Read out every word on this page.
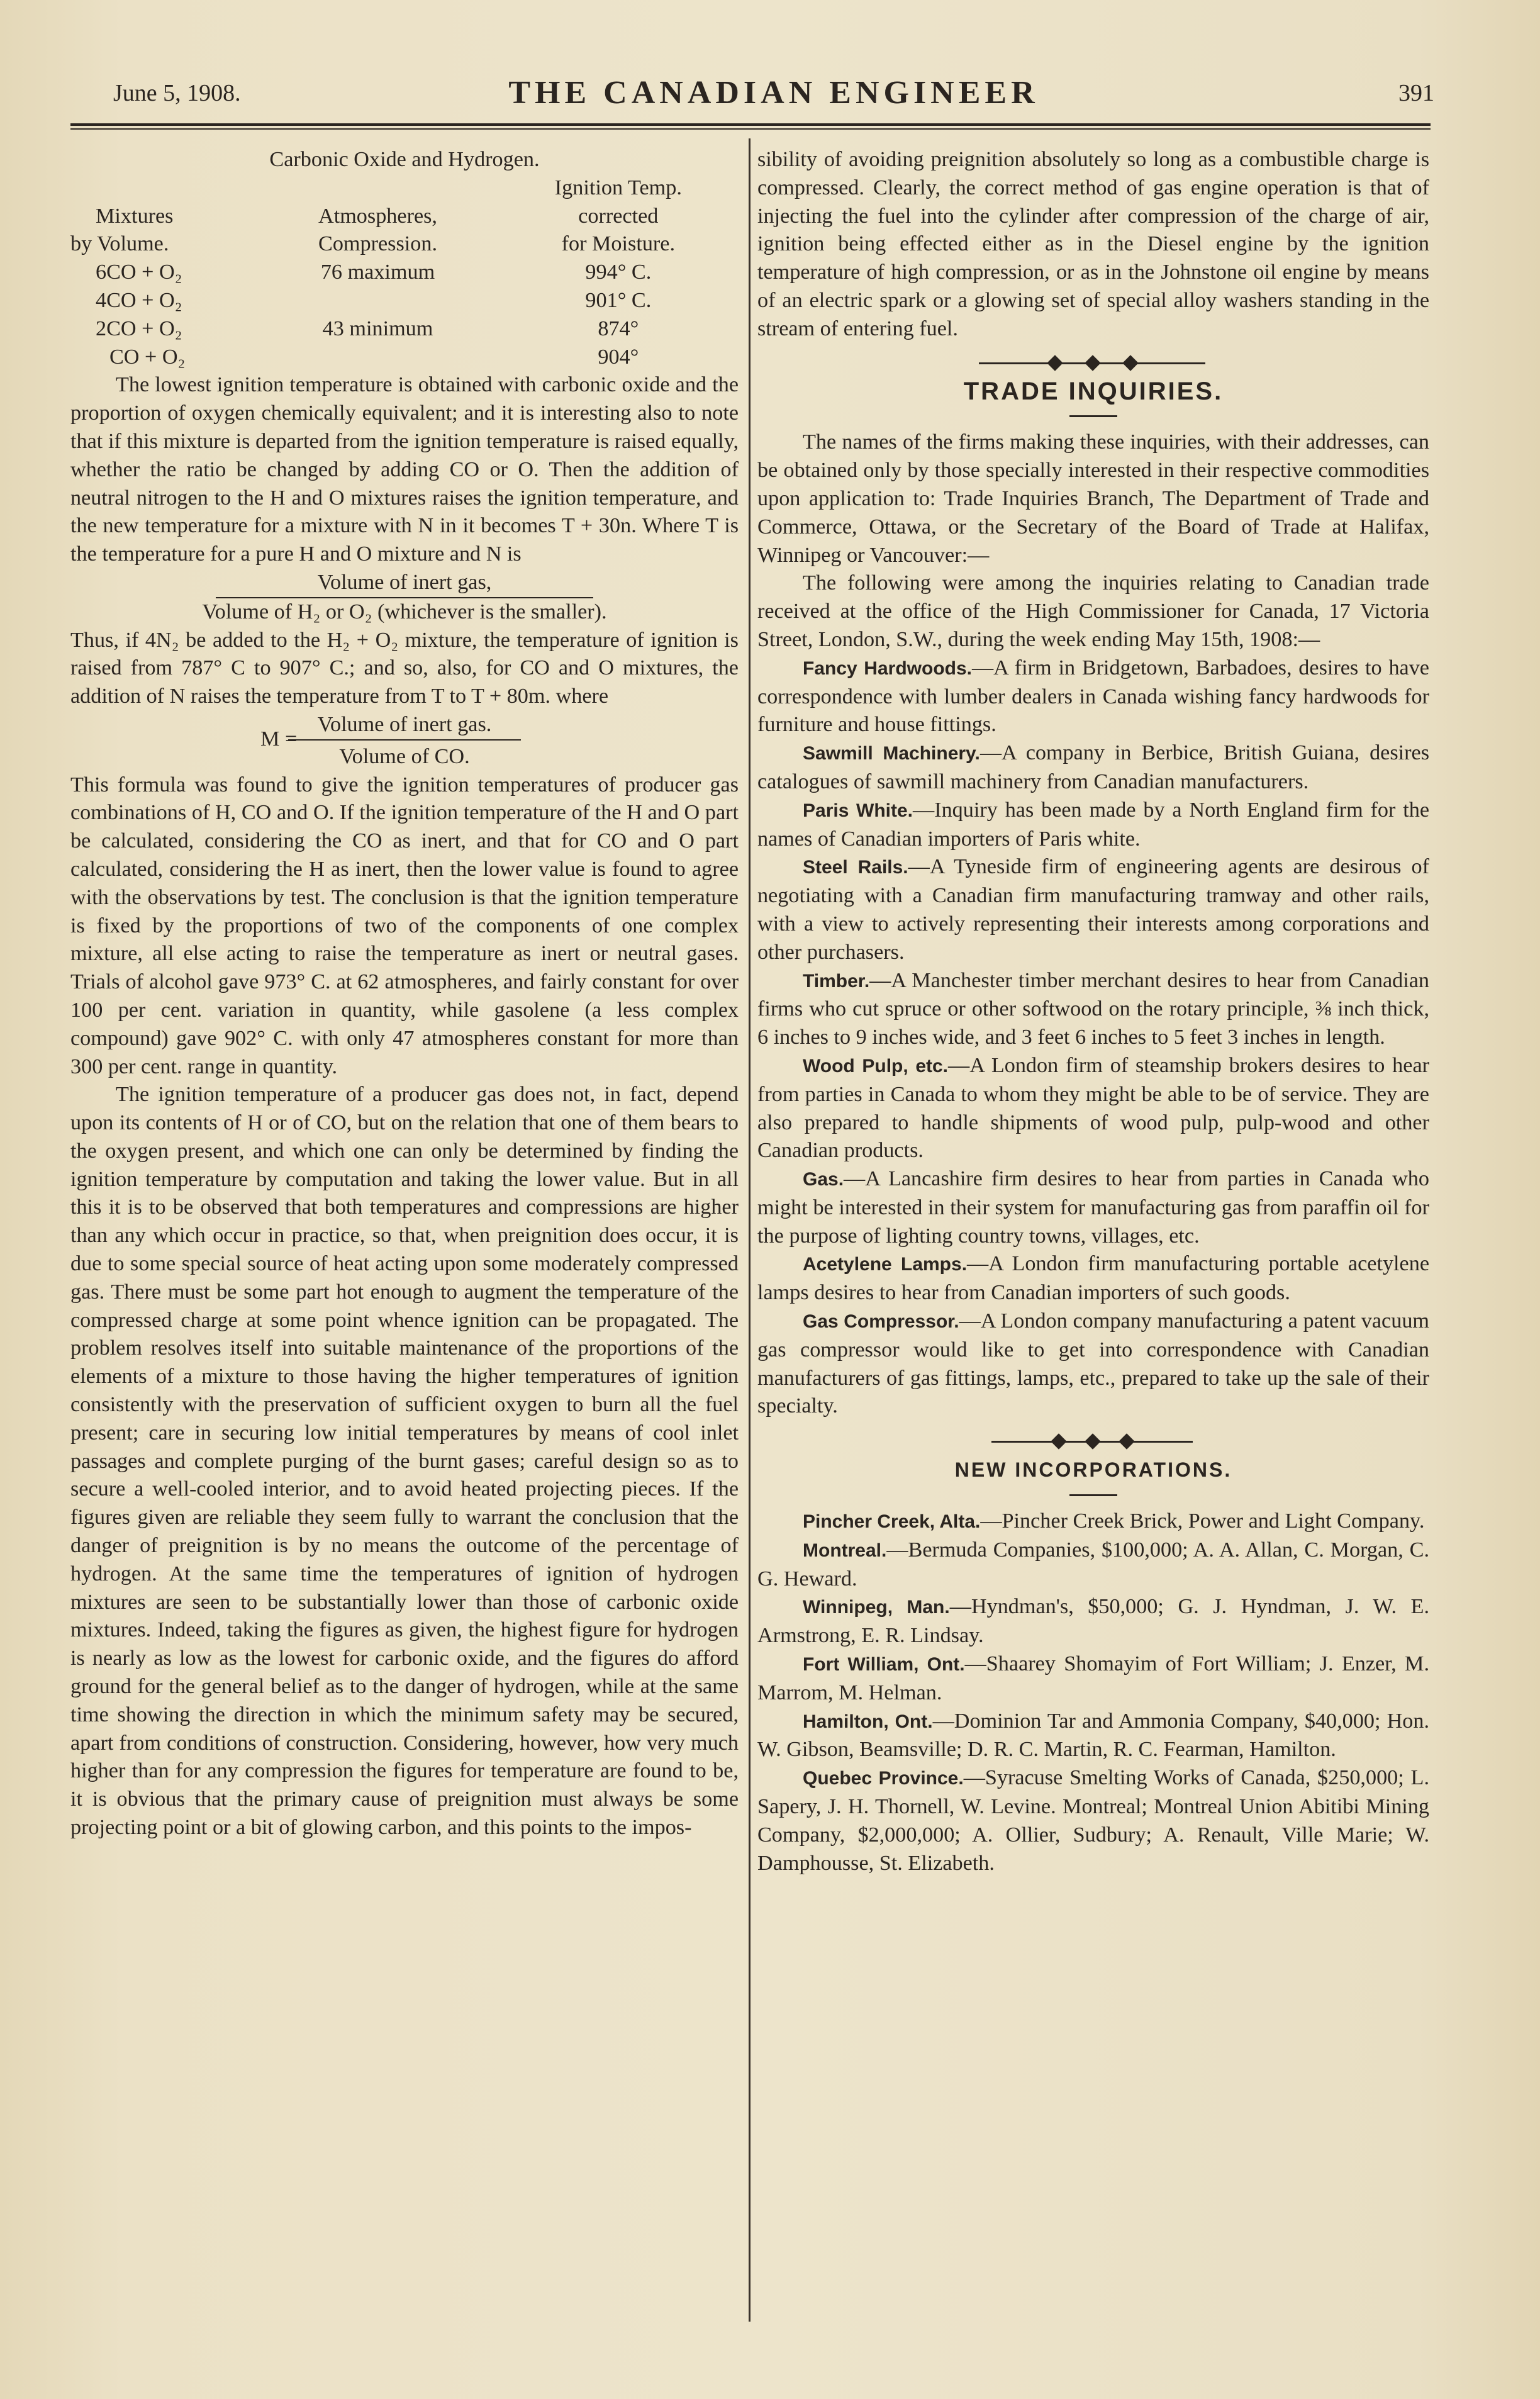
June 5, 1908.	THE CANADIAN ENGINEER	391
Carbonic Oxide and Hydrogen.
		Ignition Temp.
Mixtures	Atmospheres,	corrected
by Volume.	Compression.	for Moisture.
6CO + O₂	76 maximum	994° C.
4CO + O₂		901° C.
2CO + O₂	43 minimum	874°
CO + O₂		904°

The lowest ignition temperature is obtained with carbonic oxide and the proportion of oxygen chemically equivalent; and it is interesting also to note that if this mixture is departed from the ignition temperature is raised equally, whether the ratio be changed by adding CO or O. Then the addition of neutral nitrogen to the H and O mixtures raises the ignition temperature, and the new temperature for a mixture with N in it becomes T + 30n. Where T is the temperature for a pure H and O mixture and N is

Volume of inert gas,
Volume of H₂ or O₂ (whichever is the smaller).

Thus, if 4N₂ be added to the H₂ + O₂ mixture, the temperature of ignition is raised from 787° C to 907° C.; and so, also, for CO and O mixtures, the addition of N raises the temperature from T to T + 80m. where

Volume of inert gas.
M =
Volume of CO.

This formula was found to give the ignition temperatures of producer gas combinations of H, CO and O. If the ignition temperature of the H and O part be calculated, considering the CO as inert, and that for CO and O part calculated, considering the H as inert, then the lower value is found to agree with the observations by test. The conclusion is that the ignition temperature is fixed by the proportions of two of the components of one complex mixture, all else acting to raise the temperature as inert or neutral gases. Trials of alcohol gave 973° C. at 62 atmospheres, and fairly constant for over 100 per cent. variation in quantity, while gasolene (a less complex compound) gave 902° C. with only 47 atmospheres constant for more than 300 per cent. range in quantity.

The ignition temperature of a producer gas does not, in fact, depend upon its contents of H or of CO, but on the relation that one of them bears to the oxygen present, and which one can only be determined by finding the ignition temperature by computation and taking the lower value. But in all this it is to be observed that both temperatures and compressions are higher than any which occur in practice, so that, when preignition does occur, it is due to some special source of heat acting upon some moderately compressed gas. There must be some part hot enough to augment the temperature of the compressed charge at some point whence ignition can be propagated. The problem resolves itself into suitable maintenance of the proportions of the elements of a mixture to those having the higher temperatures of ignition consistently with the preservation of sufficient oxygen to burn all the fuel present; care in securing low initial temperatures by means of cool inlet passages and complete purging of the burnt gases; careful design so as to secure a well-cooled interior, and to avoid heated projecting pieces. If the figures given are reliable they seem fully to warrant the conclusion that the danger of preignition is by no means the outcome of the percentage of hydrogen. At the same time the temperatures of ignition of hydrogen mixtures are seen to be substantially lower than those of carbonic oxide mixtures. Indeed, taking the figures as given, the highest figure for hydrogen is nearly as low as the lowest for carbonic oxide, and the figures do afford ground for the general belief as to the danger of hydrogen, while at the same time showing the direction in which the minimum safety may be secured, apart from conditions of construction. Considering, however, how very much higher than for any compression the figures for temperature are found to be, it is obvious that the primary cause of preignition must always be some projecting point or a bit of glowing carbon, and this points to the impos-

sibility of avoiding preignition absolutely so long as a combustible charge is compressed. Clearly, the correct method of gas engine operation is that of injecting the fuel into the cylinder after compression of the charge of air, ignition being effected either as in the Diesel engine by the ignition temperature of high compression, or as in the Johnstone oil engine by means of an electric spark or a glowing set of special alloy washers standing in the stream of entering fuel.

TRADE INQUIRIES.

The names of the firms making these inquiries, with their addresses, can be obtained only by those specially interested in their respective commodities upon application to: Trade Inquiries Branch, The Department of Trade and Commerce, Ottawa, or the Secretary of the Board of Trade at Halifax, Winnipeg or Vancouver:—

The following were among the inquiries relating to Canadian trade received at the office of the High Commissioner for Canada, 17 Victoria Street, London, S.W., during the week ending May 15th, 1908:—

Fancy Hardwoods.—A firm in Bridgetown, Barbadoes, desires to have correspondence with lumber dealers in Canada wishing fancy hardwoods for furniture and house fittings.

Sawmill Machinery.—A company in Berbice, British Guiana, desires catalogues of sawmill machinery from Canadian manufacturers.

Paris White.—Inquiry has been made by a North England firm for the names of Canadian importers of Paris white.

Steel Rails.—A Tyneside firm of engineering agents are desirous of negotiating with a Canadian firm manufacturing tramway and other rails, with a view to actively representing their interests among corporations and other purchasers.

Timber.—A Manchester timber merchant desires to hear from Canadian firms who cut spruce or other softwood on the rotary principle, ⅜ inch thick, 6 inches to 9 inches wide, and 3 feet 6 inches to 5 feet 3 inches in length.

Wood Pulp, etc.—A London firm of steamship brokers desires to hear from parties in Canada to whom they might be able to be of service. They are also prepared to handle shipments of wood pulp, pulp-wood and other Canadian products.

Gas.—A Lancashire firm desires to hear from parties in Canada who might be interested in their system for manufacturing gas from paraffin oil for the purpose of lighting country towns, villages, etc.

Acetylene Lamps.—A London firm manufacturing portable acetylene lamps desires to hear from Canadian importers of such goods.

Gas Compressor.—A London company manufacturing a patent vacuum gas compressor would like to get into correspondence with Canadian manufacturers of gas fittings, lamps, etc., prepared to take up the sale of their specialty.

NEW INCORPORATIONS.

Pincher Creek, Alta.—Pincher Creek Brick, Power and Light Company.

Montreal.—Bermuda Companies, $100,000; A. A. Allan, C. Morgan, C. G. Heward.

Winnipeg, Man.—Hyndman's, $50,000; G. J. Hyndman, J. W. E. Armstrong, E. R. Lindsay.

Fort William, Ont.—Shaarey Shomayim of Fort William; J. Enzer, M. Marrom, M. Helman.

Hamilton, Ont.—Dominion Tar and Ammonia Company, $40,000; Hon. W. Gibson, Beamsville; D. R. C. Martin, R. C. Fearman, Hamilton.

Quebec Province.—Syracuse Smelting Works of Canada, $250,000; L. Sapery, J. H. Thornell, W. Levine. Montreal; Montreal Union Abitibi Mining Company, $2,000,000; A. Ollier, Sudbury; A. Renault, Ville Marie; W. Damphousse, St. Elizabeth.
